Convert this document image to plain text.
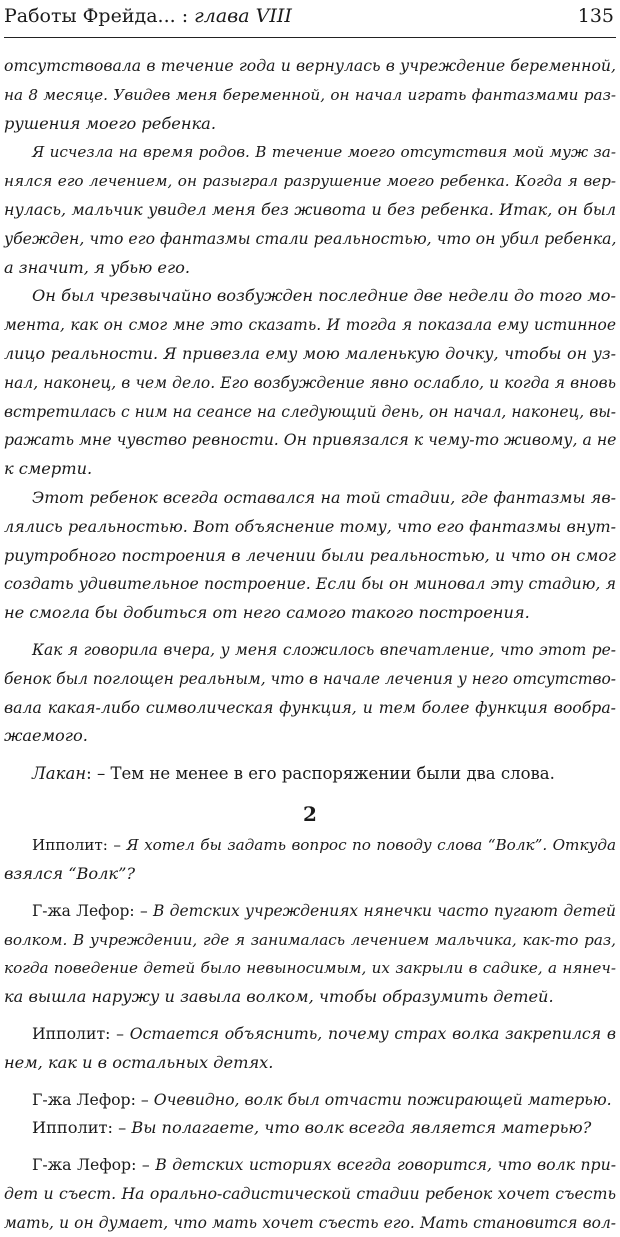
Работы Фрейда... : глава VIII	135
отсутствовала в течение года и вернулась в учреждение беременной,
на 8 месяце. Увидев меня беременной, он начал играть фантазмами раз-
рушения моего ребенка.
Я исчезла на время родов. В течение моего отсутствия мой муж за-
нялся его лечением, он разыграл разрушение моего ребенка. Когда я вер-
нулась, мальчик увидел меня без живота и без ребенка. Итак, он был
убежден, что его фантазмы стали реальностью, что он убил ребенка,
а значит, я убью его.
Он был чрезвычайно возбужден последние две недели до того мо-
мента, как он смог мне это сказать. И тогда я показала ему истинное
лицо реальности. Я привезла ему мою маленькую дочку, чтобы он уз-
нал, наконец, в чем дело. Его возбуждение явно ослабло, и когда я вновь
встретилась с ним на сеансе на следующий день, он начал, наконец, вы-
ражать мне чувство ревности. Он привязался к чему-то живому, а не
к смерти.
Этот ребенок всегда оставался на той стадии, где фантазмы яв-
лялись реальностью. Вот объяснение тому, что его фантазмы внут-
риутробного построения в лечении были реальностью, и что он смог
создать удивительное построение. Если бы он миновал эту стадию, я
не смогла бы добиться от него самого такого построения.
Как я говорила вчера, у меня сложилось впечатление, что этот ре-
бенок был поглощен реальным, что в начале лечения у него отсутство-
вала какая-либо символическая функция, и тем более функция вообра-
жаемого.
Лакан: – Тем не менее в его распоряжении были два слова.
2
Ипполит: – Я хотел бы задать вопрос по поводу слова “Волк”. Откуда
взялся “Волк”?
Г-жа Лефор: – В детских учреждениях нянечки часто пугают детей
волком. В учреждении, где я занималась лечением мальчика, как-то раз,
когда поведение детей было невыносимым, их закрыли в садике, а нянеч-
ка вышла наружу и завыла волком, чтобы образумить детей.
Ипполит: – Остается объяснить, почему страх волка закрепился в
нем, как и в остальных детях.
Г-жа Лефор: – Очевидно, волк был отчасти пожирающей матерью.
Ипполит: – Вы полагаете, что волк всегда является матерью?
Г-жа Лефор: – В детских историях всегда говорится, что волк при-
дет и съест. На орально-садистической стадии ребенок хочет съесть
мать, и он думает, что мать хочет съесть его. Мать становится вол-
